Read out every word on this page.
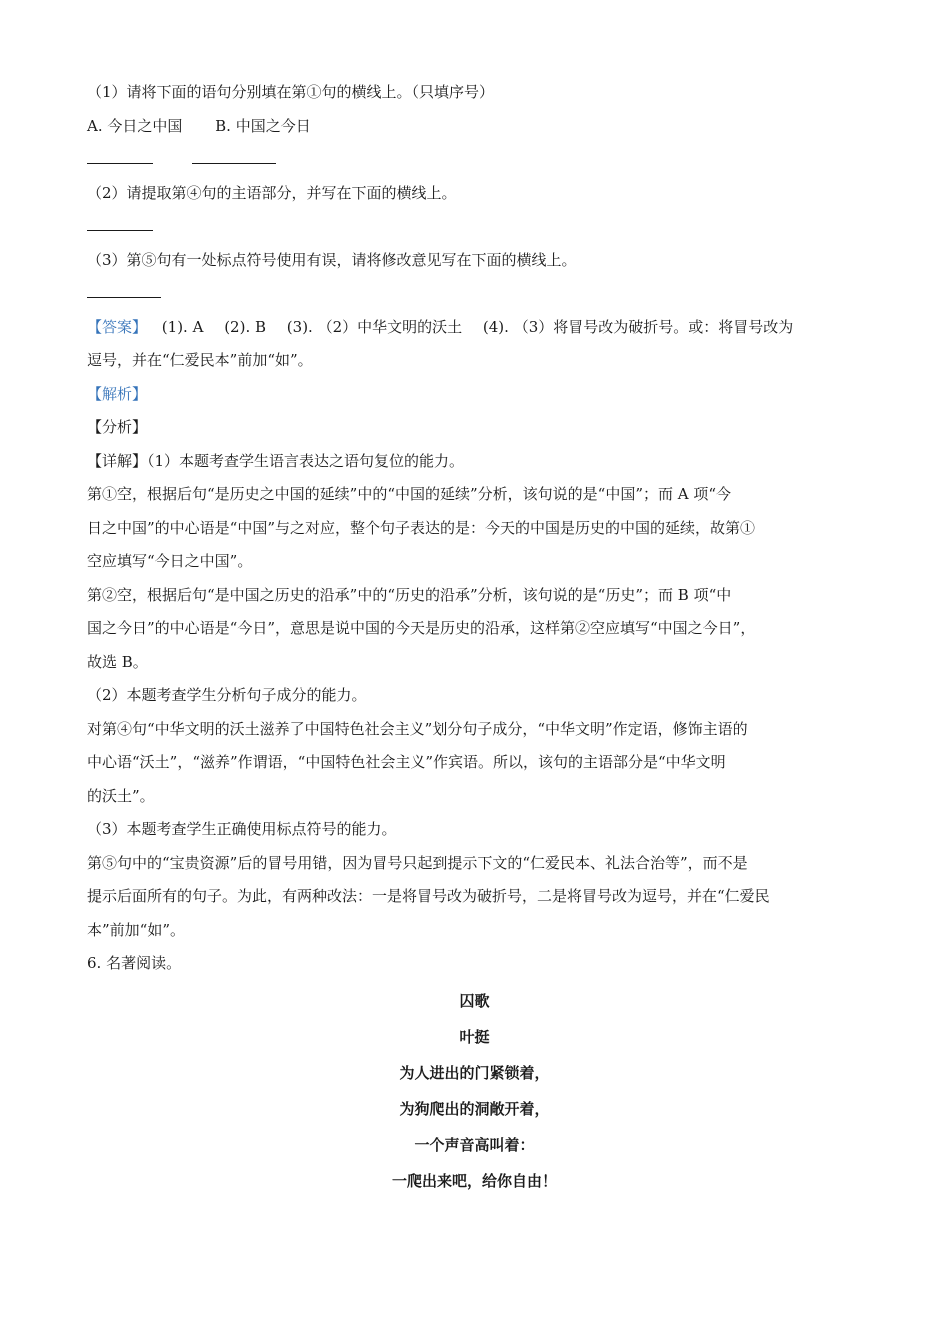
（1）请将下面的语句分别填在第①句的横线上。（只填序号）
A. 今日之中国 B. 中国之今日

（2）请提取第④句的主语部分，并写在下面的横线上。
（3）第⑤句有一处标点符号使用有误，请将修改意见写在下面的横线上。
【答案】 (1). A (2). B (3). （2）中华文明的沃土 (4). （3）将冒号改为破折号。或：将冒号改为
逗号，并在“仁爱民本”前加“如”。
【解析】
【分析】
【详解】（1）本题考查学生语言表达之语句复位的能力。
第①空，根据后句“是历史之中国的延续”中的“中国的延续”分析，该句说的是“中国”；而 A 项“今
日之中国”的中心语是“中国”与之对应，整个句子表达的是：今天的中国是历史的中国的延续，故第①
空应填写“今日之中国”。
第②空，根据后句“是中国之历史的沿承”中的“历史的沿承”分析，该句说的是“历史”；而 B 项“中
国之今日”的中心语是“今日”，意思是说中国的今天是历史的沿承，这样第②空应填写“中国之今日”，
故选 B。
（2）本题考查学生分析句子成分的能力。
对第④句“中华文明的沃土滋养了中国特色社会主义”划分句子成分，“中华文明”作定语，修饰主语的
中心语“沃土”，“滋养”作谓语，“中国特色社会主义”作宾语。所以，该句的主语部分是“中华文明
的沃土”。
（3）本题考查学生正确使用标点符号的能力。
第⑤句中的“宝贵资源”后的冒号用错，因为冒号只起到提示下文的“仁爱民本、礼法合治等”，而不是
提示后面所有的句子。为此，有两种改法：一是将冒号改为破折号，二是将冒号改为逗号，并在“仁爱民
本”前加“如”。
6. 名著阅读。
囚歌
叶挺
为人进出的门紧锁着，
为狗爬出的洞敞开着，
一个声音高叫着：
一爬出来吧，给你自由！
